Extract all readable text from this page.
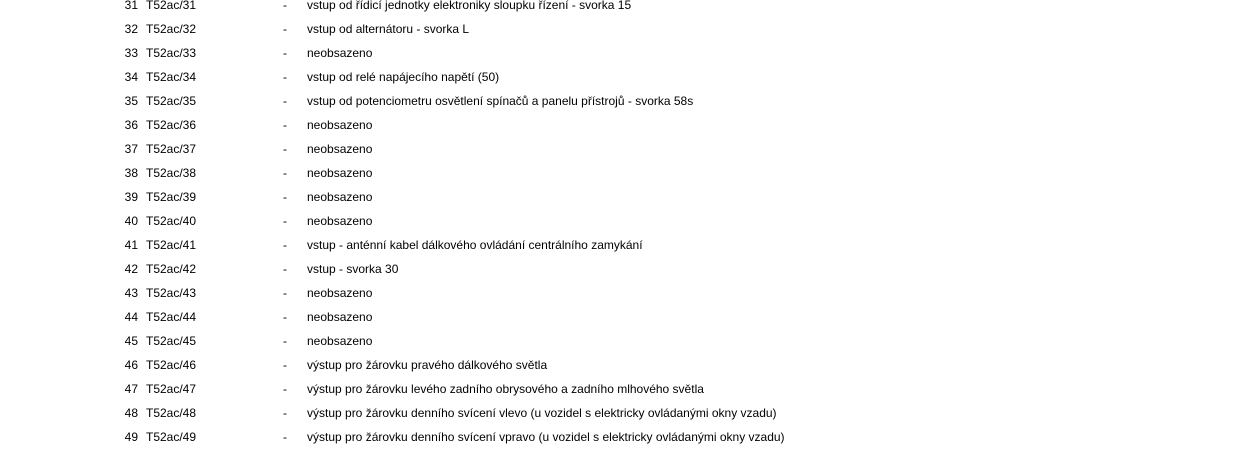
31 T52ac/31	- vstup od řídicí jednotky elektroniky sloupku řízení - svorka 15
32 T52ac/32	- vstup od alternátoru - svorka L
33 T52ac/33	- neobsazeno
34 T52ac/34	- vstup od relé napájecího napětí (50)
35 T52ac/35	- vstup od potenciometru osvětlení spínačů a panelu přístrojů - svorka 58s
36 T52ac/36	- neobsazeno
37 T52ac/37	- neobsazeno
38 T52ac/38	- neobsazeno
39 T52ac/39	- neobsazeno
40 T52ac/40	- neobsazeno
41 T52ac/41	- vstup - anténní kabel dálkového ovládání centrálního zamykání
42 T52ac/42	- vstup - svorka 30
43 T52ac/43	- neobsazeno
44 T52ac/44	- neobsazeno
45 T52ac/45	- neobsazeno
46 T52ac/46	- výstup pro žárovku pravého dálkového světla
47 T52ac/47	- výstup pro žárovku levého zadního obrysového a zadního mlhového světla
48 T52ac/48	- výstup pro žárovku denního svícení vlevo (u vozidel s elektricky ovládanými okny vzadu)
49 T52ac/49	- výstup pro žárovku denního svícení vpravo (u vozidel s elektricky ovládanými okny vzadu)
